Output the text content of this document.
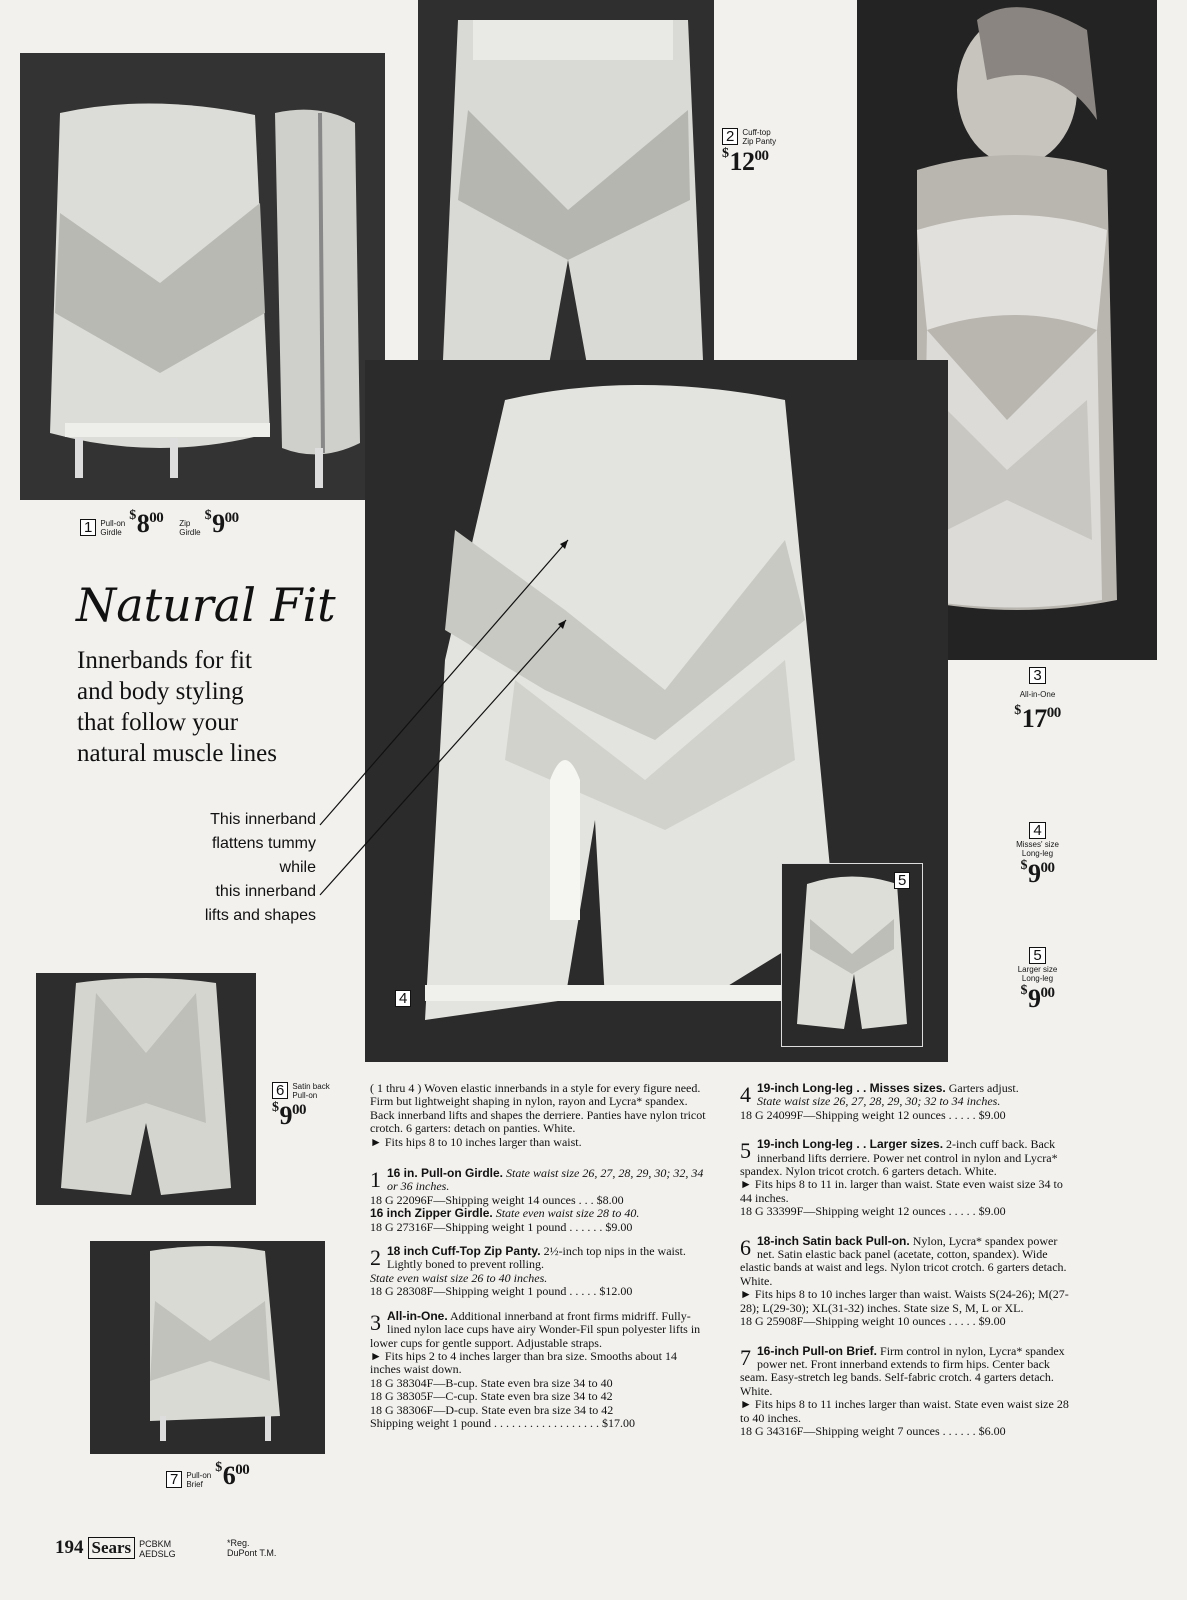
1 Pull-on
Girdle $^{\$}8^{00}$ Zip
Girdle $^{\$}9^{00}$
2 Cuff-top
Zip Panty
$^{\$}12^{00}$
3
All-in-One
$^{\$}17^{00}$
4
Misses' size
Long-leg
$^{\$}9^{00}$
5
Larger size
Long-leg
$^{\$}9^{00}$
6 Satin back
Pull-on
$^{\$}9^{00}$
7 Pull-on
Brief $^{\$}6^{00}$
4
5
Natural Fit
Innerbands for fit
and body styling
that follow your
natural muscle lines
This innerband
flattens tummy
while
this innerband
lifts and shapes

( 1 thru 4 ) Woven elastic innerbands in a style for every figure need. Firm but lightweight shaping in nylon, rayon and Lycra* spandex. Back innerband lifts and shapes the derriere. Panties have nylon tricot crotch. 6 garters: detach on panties. White.
► Fits hips 8 to 10 inches larger than waist.

1 16 in. Pull-on Girdle. State waist size 26, 27, 28, 29, 30; 32, 34 or 36 inches.
18 G 22096F—Shipping weight 14 ounces . . . $8.00
16 inch Zipper Girdle. State even waist size 28 to 40.
18 G 27316F—Shipping weight 1 pound . . . . . . $9.00
2 18 inch Cuff-Top Zip Panty. 2½-inch top nips in the waist. Lightly boned to prevent rolling.
State even waist size 26 to 40 inches.
18 G 28308F—Shipping weight 1 pound . . . . . $12.00
3 All-in-One. Additional innerband at front firms midriff. Fully-lined nylon lace cups have airy Wonder-Fil spun polyester lifts in lower cups for gentle support. Adjustable straps.
► Fits hips 2 to 4 inches larger than bra size. Smooths about 14 inches waist down.
18 G 38304F—B-cup. State even bra size 34 to 40
18 G 38305F—C-cup. State even bra size 34 to 42
18 G 38306F—D-cup. State even bra size 34 to 42
Shipping weight 1 pound . . . . . . . . . . . . . . . . . . $17.00
4 19-inch Long-leg . . Misses sizes. Garters adjust.
State waist size 26, 27, 28, 29, 30; 32 to 34 inches.
18 G 24099F—Shipping weight 12 ounces . . . . . $9.00
5 19-inch Long-leg . . Larger sizes. 2-inch cuff back. Back innerband lifts derriere. Power net control in nylon and Lycra* spandex. Nylon tricot crotch. 6 garters detach. White.
► Fits hips 8 to 11 in. larger than waist. State even waist size 34 to 44 inches.
18 G 33399F—Shipping weight 12 ounces . . . . . $9.00
6 18-inch Satin back Pull-on. Nylon, Lycra* spandex power net. Satin elastic back panel (acetate, cotton, spandex). Wide elastic bands at waist and legs. Nylon tricot crotch. 6 garters detach. White.
► Fits hips 8 to 10 inches larger than waist. Waists S(24-26); M(27-28); L(29-30); XL(31-32) inches. State size S, M, L or XL.
18 G 25908F—Shipping weight 10 ounces . . . . . $9.00
7 16-inch Pull-on Brief. Firm control in nylon, Lycra* spandex power net. Front innerband extends to firm hips. Center back seam. Easy-stretch leg bands. Self-fabric crotch. 4 garters detach. White.
► Fits hips 8 to 11 inches larger than waist. State even waist size 28 to 40 inches.
18 G 34316F—Shipping weight 7 ounces . . . . . . $6.00
194 Sears PCBKM
AEDSLG
*Reg.
DuPont T.M.
